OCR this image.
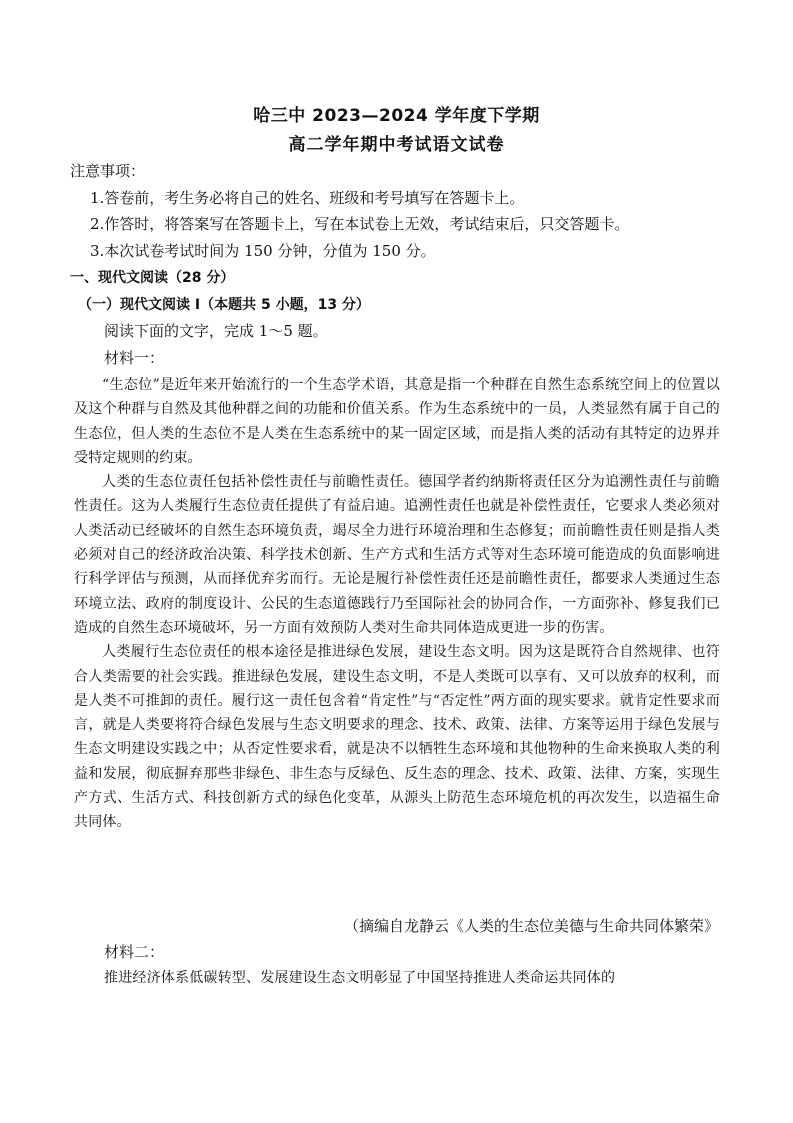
哈三中 2023—2024 学年度下学期
高二学年期中考试语文试卷
注意事项：
1.答卷前，考生务必将自己的姓名、班级和考号填写在答题卡上。
2.作答时，将答案写在答题卡上，写在本试卷上无效，考试结束后，只交答题卡。
3.本次试卷考试时间为 150 分钟，分值为 150 分。
一、现代文阅读（28 分）
（一）现代文阅读 I（本题共 5 小题，13 分）
阅读下面的文字，完成 1～5 题。
材料一：

“生态位”是近年来开始流行的一个生态学术语，其意是指一个种群在自然生态系统空间上的位置以及这个种群与自然及其他种群之间的功能和价值关系。作为生态系统中的一员，人类显然有属于自己的生态位，但人类的生态位不是人类在生态系统中的某一固定区域，而是指人类的活动有其特定的边界并受特定规则的约束。

人类的生态位责任包括补偿性责任与前瞻性责任。德国学者约纳斯将责任区分为追溯性责任与前瞻性责任。这为人类履行生态位责任提供了有益启迪。追溯性责任也就是补偿性责任，它要求人类必须对人类活动已经破坏的自然生态环境负责，竭尽全力进行环境治理和生态修复；而前瞻性责任则是指人类必须对自己的经济政治决策、科学技术创新、生产方式和生活方式等对生态环境可能造成的负面影响进行科学评估与预测，从而择优弃劣而行。无论是履行补偿性责任还是前瞻性责任，都要求人类通过生态环境立法、政府的制度设计、公民的生态道德践行乃至国际社会的协同合作，一方面弥补、修复我们已造成的自然生态环境破坏，另一方面有效预防人类对生命共同体造成更进一步的伤害。

人类履行生态位责任的根本途径是推进绿色发展，建设生态文明。因为这是既符合自然规律、也符合人类需要的社会实践。推进绿色发展，建设生态文明，不是人类既可以享有、又可以放弃的权利，而是人类不可推卸的责任。履行这一责任包含着“肯定性”与“否定性”两方面的现实要求。就肯定性要求而言，就是人类要将符合绿色发展与生态文明要求的理念、技术、政策、法律、方案等运用于绿色发展与生态文明建设实践之中；从否定性要求看，就是决不以牺牲生态环境和其他物种的生命来换取人类的利益和发展，彻底摒弃那些非绿色、非生态与反绿色、反生态的理念、技术、政策、法律、方案，实现生产方式、生活方式、科技创新方式的绿色化变革，从源头上防范生态环境危机的再次发生，以造福生命共同体。

（摘编自龙静云《人类的生态位美德与生命共同体繁荣》
材料二：
推进经济体系低碳转型、发展建设生态文明彰显了中国坚持推进人类命运共同体的
